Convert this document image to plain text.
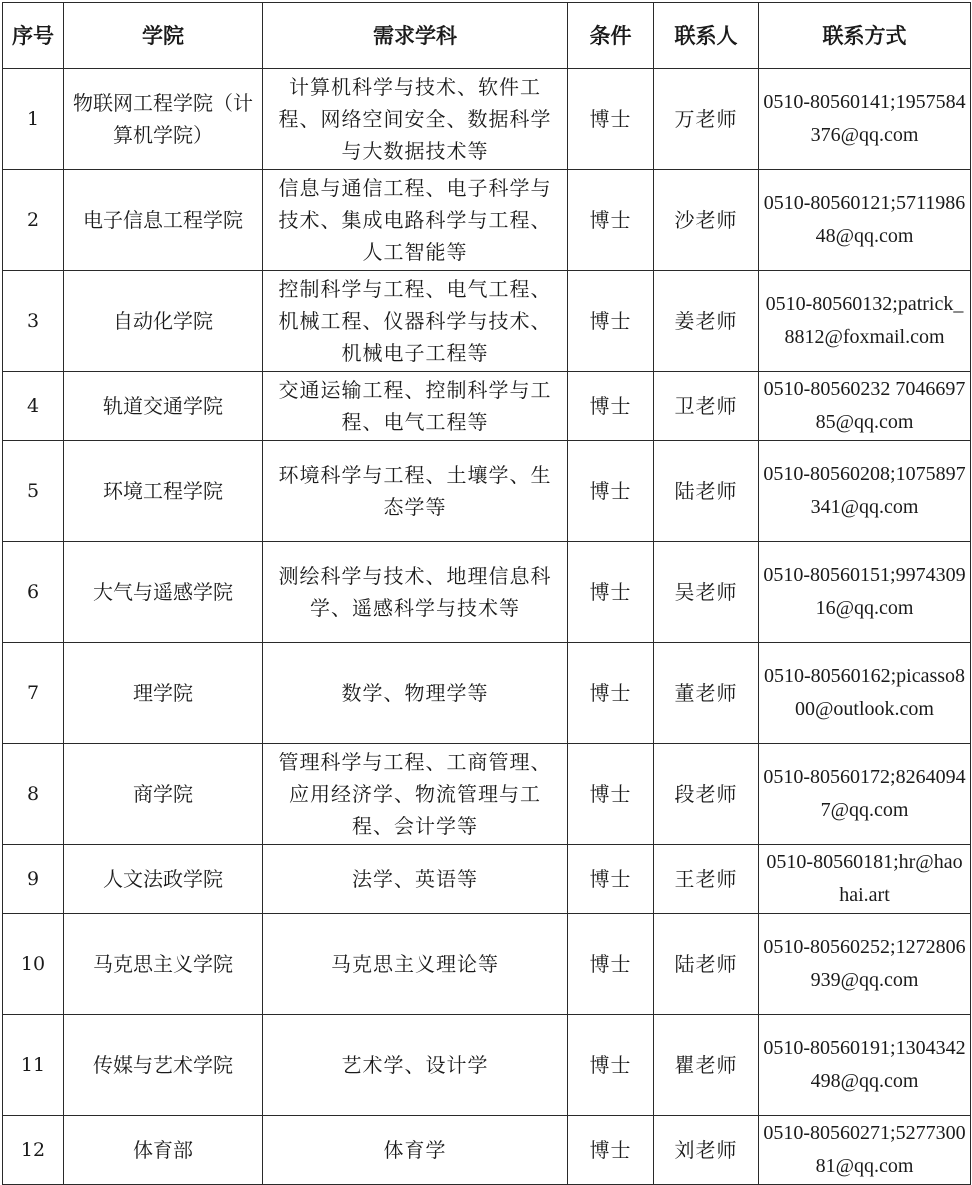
序号	学院	需求学科	条件	联系人	联系方式
1	物联网工程学院（计算机学院）	计算机科学与技术、软件工程、网络空间安全、数据科学与大数据技术等	博士	万老师	0510-80560141;1957584376@qq.com
2	电子信息工程学院	信息与通信工程、电子科学与技术、集成电路科学与工程、人工智能等	博士	沙老师	0510-80560121;571198648@qq.com
3	自动化学院	控制科学与工程、电气工程、机械工程、仪器科学与技术、机械电子工程等	博士	姜老师	0510-80560132;patrick_8812@foxmail.com
4	轨道交通学院	交通运输工程、控制科学与工程、电气工程等	博士	卫老师	0510-80560232 704669785@qq.com
5	环境工程学院	环境科学与工程、土壤学、生态学等	博士	陆老师	0510-80560208;1075897341@qq.com
6	大气与遥感学院	测绘科学与技术、地理信息科学、遥感科学与技术等	博士	吴老师	0510-80560151;997430916@qq.com
7	理学院	数学、物理学等	博士	董老师	0510-80560162;picasso800@outlook.com
8	商学院	管理科学与工程、工商管理、应用经济学、物流管理与工程、会计学等	博士	段老师	0510-80560172;82640947@qq.com
9	人文法政学院	法学、英语等	博士	王老师	0510-80560181;hr@haohai.art
10	马克思主义学院	马克思主义理论等	博士	陆老师	0510-80560252;1272806939@qq.com
11	传媒与艺术学院	艺术学、设计学	博士	瞿老师	0510-80560191;1304342498@qq.com
12	体育部	体育学	博士	刘老师	0510-80560271;527730081@qq.com
